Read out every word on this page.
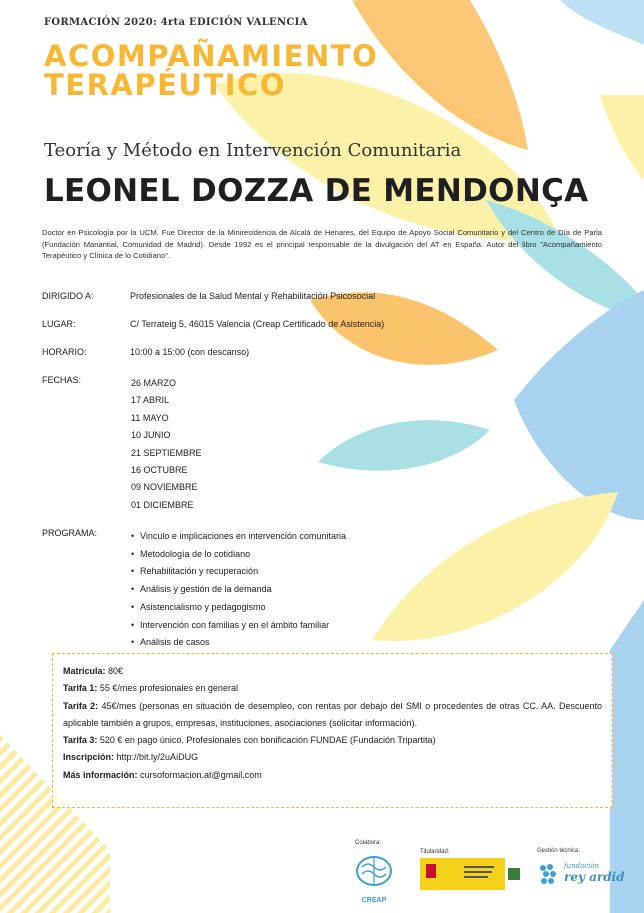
FORMACIÓN 2020: 4rta EDICIÓN VALENCIA
ACOMPAÑAMIENTO
TERAPÉUTICO
Teoría y Método en Intervención Comunitaria
LEONEL DOZZA DE MENDONÇA
Doctor en Psicología por la UCM. Fue Director de la Miniresidencia de Alcalá de Henares, del Equipo de Apoyo Social Comunitario y del Centro de Día de Parla (Fundación Manantial, Comunidad de Madrid). Desde 1992 es el principal responsable de la divulgación del AT en España. Autor del libro "Acompañamiento Terapéutico y Clínica de lo Cotidiano".
DIRIGIDO A:	Profesionales de la Salud Mental y Rehabilitación Psicosocial
LUGAR:	C/ Terrateig 5, 46015 Valencia (Creap Certificado de Asistencia)
HORARIO:	10:00 a 15:00 (con descanso)
FECHAS:	26 MARZO
17 ABRIL
11 MAYO
10 JUNIO
21 SEPTIEMBRE
16 OCTUBRE
09 NOVIEMBRE
01 DICIEMBRE
PROGRAMA:
•	Vinculo e implicaciones en intervención comunitaria
• Metodología de lo cotidiano
• Rehabilitación y recuperación
• Análisis y gestión de la demanda
• Asistencialismo y pedagogismo
• Intervención con familias y en el ámbito familiar
• Análisis de casos
Matricula: 80€
Tarifa 1: 55 €/mes profesionales en general
Tarifa 2: 45€/mes (personas en situación de desempleo, con rentas por debajo del SMI o procedentes de otras CC. AA. Descuento aplicable también a grupos, empresas, instituciones, asociaciones (solicitar información).
Tarifa 3: 520 € en pago único. Profesionales con bonificación FUNDAE (Fundación Tripartita)
Inscripción: http://bit.ly/2uAiDUG
Más información: cursoformacion.at@gmail.com
Colabora:
CREAP
Titularidad:	Gestión técnica:
fundación
rey ardid
